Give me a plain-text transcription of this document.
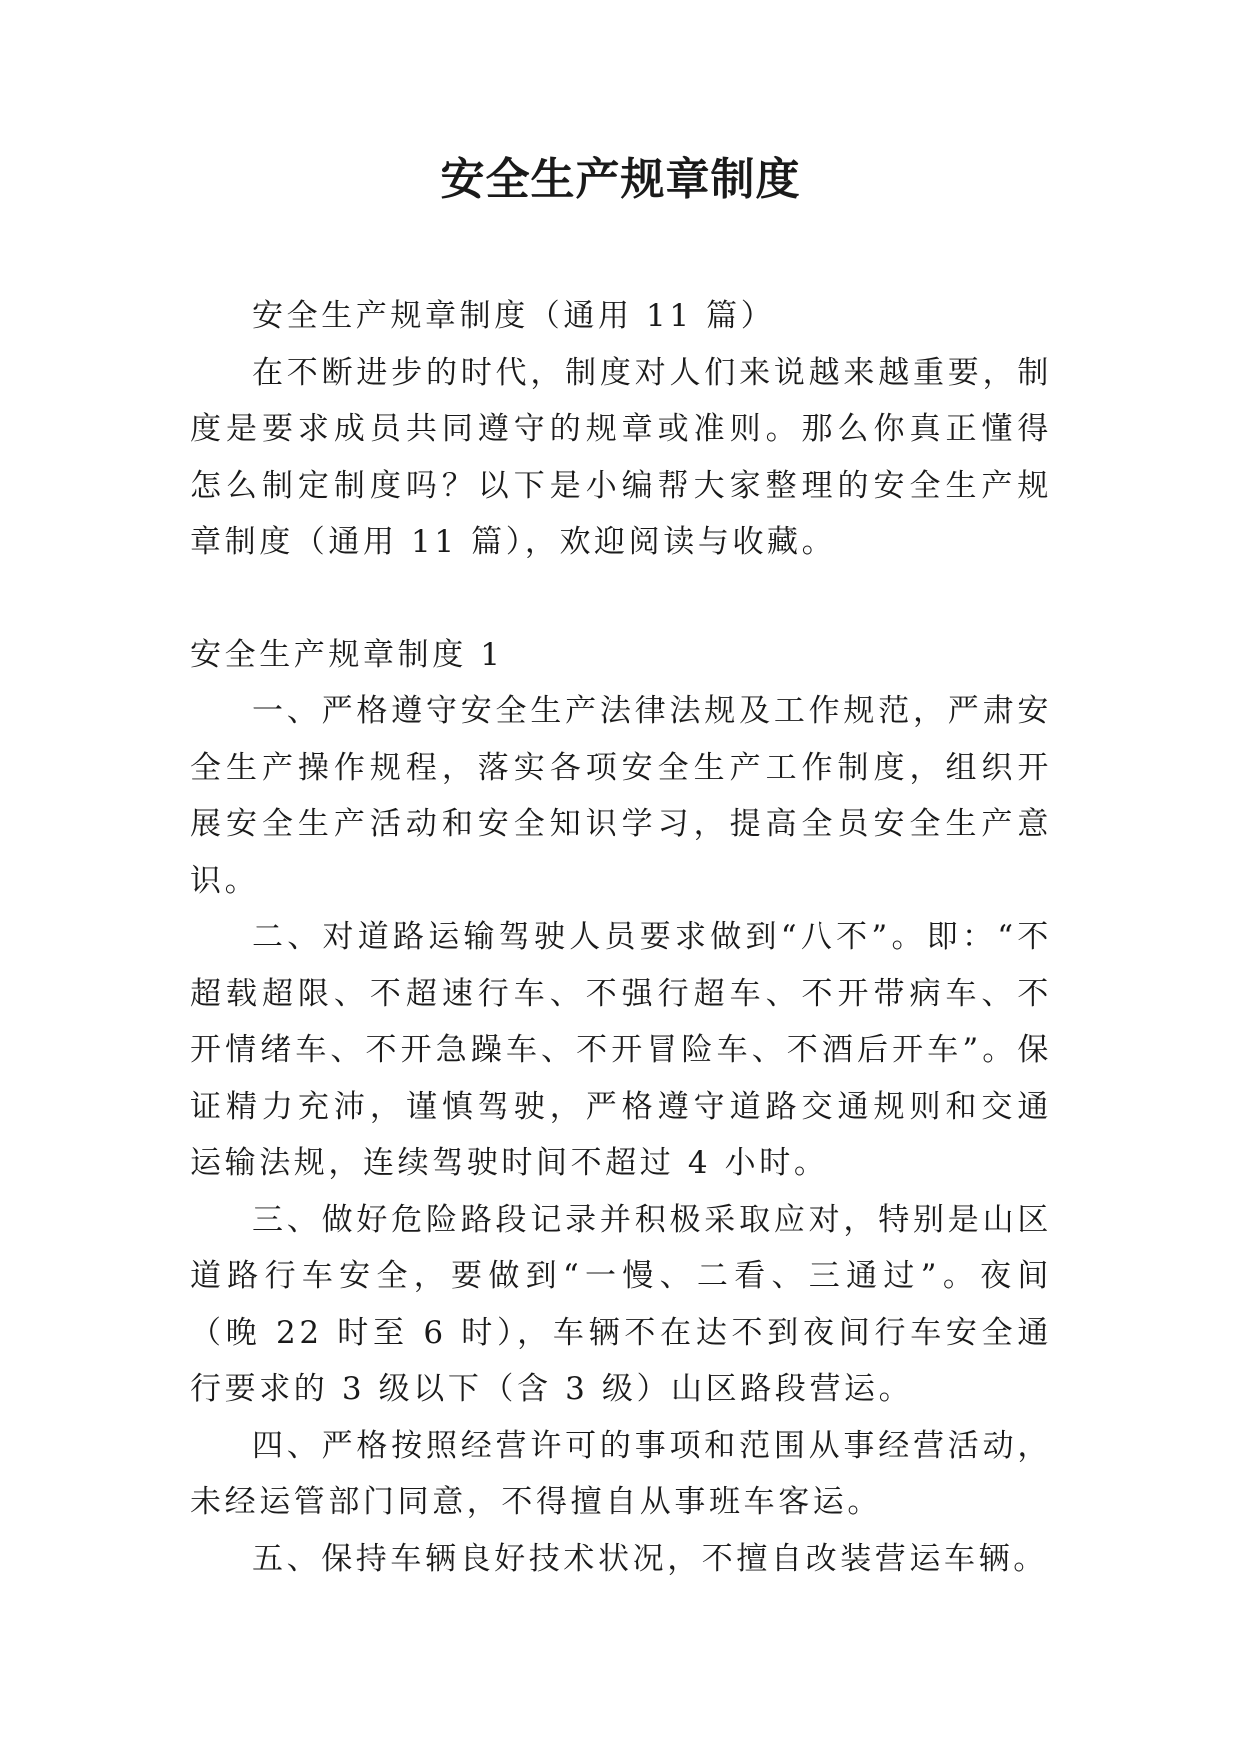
安全生产规章制度

安全生产规章制度（通用 11 篇）

在不断进步的时代，制度对人们来说越来越重要，制度是要求成员共同遵守的规章或准则。那么你真正懂得怎么制定制度吗？以下是小编帮大家整理的安全生产规章制度（通用 11 篇），欢迎阅读与收藏。

安全生产规章制度 1

一、严格遵守安全生产法律法规及工作规范，严肃安全生产操作规程，落实各项安全生产工作制度，组织开展安全生产活动和安全知识学习，提高全员安全生产意识。

二、对道路运输驾驶人员要求做到“八不”。即：“不超载超限、不超速行车、不强行超车、不开带病车、不开情绪车、不开急躁车、不开冒险车、不酒后开车”。保证精力充沛，谨慎驾驶，严格遵守道路交通规则和交通运输法规，连续驾驶时间不超过 4 小时。

三、做好危险路段记录并积极采取应对，特别是山区道路行车安全，要做到“一慢、二看、三通过”。夜间（晚 22 时至 6 时），车辆不在达不到夜间行车安全通行要求的 3 级以下（含 3 级）山区路段营运。

四、严格按照经营许可的事项和范围从事经营活动，未经运管部门同意，不得擅自从事班车客运。

五、保持车辆良好技术状况，不擅自改装营运车辆。
